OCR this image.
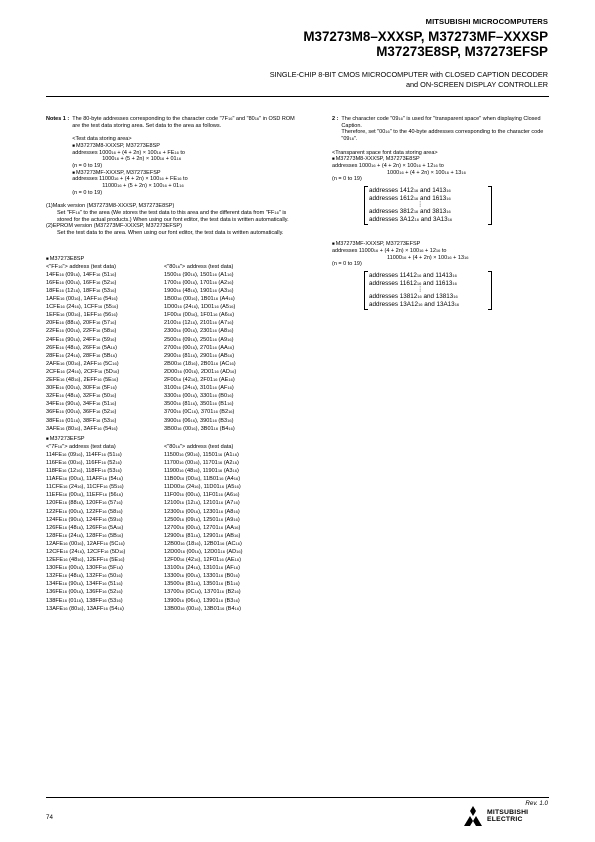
MITSUBISHI MICROCOMPUTERS
M37273M8–XXXSP, M37273MF–XXXSP
M37273E8SP, M37273EFSP
SINGLE-CHIP 8-BIT CMOS MICROCOMPUTER with CLOSED CAPTION DECODER
and ON-SCREEN DISPLAY CONTROLLER
Notes 1 : The 80-byte addresses corresponding to the character code "7F16" and "8016" in OSD ROM are the test data storing area. Set data to the area as follows.
<Test data storing area>
■ M37273M8-XXXSP, M37273E8SP
addresses 100016 + (4 + 2n) × 10016 + FE16 to
100016 + (5 + 2n) × 10016 + 0116
(n = 0 to 19)
■ M37273MF-XXXSP, M37273EFSP
addresses 1100016 + (4 + 2n) × 10016 + FE16 to
1100016 + (5 + 2n) × 10016 + 0116
(n = 0 to 19)
(1)Mask version (M37273M8-XXXSP, M37273E8SP)
Set "FF16" to the area (We stores the test data to this area and the different data from "FF16" is stored for the actual products.) When using our font editor, the test data is written automatically.
(2)EPROM version (M37273MF-XXXSP, M37273EFSP)
Set the test data to the area. When using our font editor, the test data is written automatically.
■ M37273E8SP
<"FF16"> address (test data)	<"8016"> address (test data)
14FE16 (0916), 14FF16 (5116)	150016 (9016), 150116 (A116)
16FE16 (0016), 16FF16 (5216)	170016 (0016), 170116 (A216)
18FE16 (1216), 18FF16 (5316)	190016 (4816), 190116 (A316)
1AFE16 (0016), 1AFF16 (5416)	1B0016 (0016), 1B0116 (A416)
1CFE16 (2416), 1CFF16 (5516)	1D0016 (2416), 1D0116 (A516)
1EFE16 (0016), 1EFF16 (5616)	1F0016 (0016), 1F0116 (A616)
20FE16 (8816), 20FF16 (5716)	210016 (1216), 210116 (A716)
22FE16 (0016), 22FF16 (5816)	230016 (0016), 230116 (A816)
24FE16 (9016), 24FF16 (5916)	250016 (0916), 250116 (A916)
26FE16 (4816), 26FF16 (5A16)	270016 (0016), 270116 (AA16)
28FE16 (2416), 28FF16 (5B16)	290016 (8116), 290116 (AB16)
2AFE16 (0016), 2AFF16 (5C16)	2B0016 (1816), 2B0116 (AC16)
2CFE16 (2416), 2CFF16 (5D16)	2D0016 (0016), 2D0116 (AD16)
2EFE16 (4816), 2EFF16 (5E16)	2F0016 (4216), 2F0116 (AE16)
30FE16 (0016), 30FF16 (5F16)	310016 (2416), 310116 (AF16)
32FE16 (4816), 32FF16 (5016)	330016 (0016), 330116 (B016)
34FE16 (9016), 34FF16 (5116)	350016 (8116), 350116 (B116)
36FE16 (0016), 36FF16 (5216)	370016 (0C16), 370116 (B216)
38FE16 (0116), 38FF16 (5316)	390016 (0616), 390116 (B316)
3AFE16 (8016), 3AFF16 (5416)	3B0016 (0016), 3B0116 (B416)
■ M37273EFSP
<"7F16"> address (test data)	<"8016"> address (test data)
114FE16 (0916), 114FF16 (5116)	1150016 (9016), 1150116 (A116)
116FE16 (0016), 116FF16 (5216)	1170016 (0016), 1170116 (A216)
118FE16 (1216), 118FF16 (5316)	1190016 (4816), 1190116 (A316)
11AFE16 (0016), 11AFF16 (5416)	11B0016 (0016), 11B0116 (A416)
11CFE16 (2416), 11CFF16 (5516)	11D0016 (2416), 11D0116 (A516)
11EFE16 (0016), 11EFF16 (5616)	11F0016 (0016), 11F0116 (A616)
120FE16 (8816), 120FF16 (5716)	1210016 (1216), 1210116 (A716)
122FE16 (0016), 122FF16 (5816)	1230016 (0016), 1230116 (A816)
124FE16 (9016), 124FF16 (5916)	1250016 (0916), 1250116 (A916)
126FE16 (4816), 126FF16 (5A16)	1270016 (0016), 1270116 (AA16)
128FE16 (2416), 128FF16 (5B16)	1290016 (8116), 1290116 (AB16)
12AFE16 (0016), 12AFF16 (5C16)	12B0016 (1816), 12B0116 (AC16)
12CFE16 (2416), 12CFF16 (5D16)	12D0016 (0016), 12D0116 (AD16)
12EFE16 (4816), 12EFF16 (5E16)	12F0016 (4216), 12F0116 (AE16)
130FE16 (0016), 130FF16 (5F16)	1310016 (2416), 1310116 (AF16)
132FE16 (4816), 132FF16 (5016)	1330016 (0016), 1330116 (B016)
134FE16 (9016), 134FF16 (5116)	1350016 (8116), 1350116 (B116)
136FE16 (0016), 136FF16 (5216)	1370016 (0C16), 1370116 (B216)
138FE16 (0116), 138FF16 (5316)	1390016 (0616), 1390116 (B316)
13AFE16 (8016), 13AFF16 (5416)	13B0016 (0016), 13B0116 (B416)
2 : The character code "0916" is used for "transparent space" when displaying Closed Caption.
Therefore, set "0016" to the 40-byte addresses corresponding to the character code "0916".
<Transparent space font data storing area>
■ M37273M8-XXXSP, M37273E8SP
addresses 100016 + (4 + 2n) × 10016 + 1216 to
100016 + (4 + 2n) × 10016 + 1316
(n = 0 to 19)
addresses 141216 and 141316
addresses 161216 and 161316
⋮
addresses 381216 and 381316
addresses 3A1216 and 3A1316
■ M37273MF-XXXSP, M37273EFSP
addresses 1100016 + (4 + 2n) × 10016 + 1216 to
1100016 + (4 + 2n) × 10016 + 1316
(n = 0 to 19)
addresses 1141216 and 1141316
addresses 1161216 and 1161316
⋮
addresses 1381216 and 1381316
addresses 13A1216 and 13A1316
Rev. 1.0
74
MITSUBISHI
ELECTRIC
